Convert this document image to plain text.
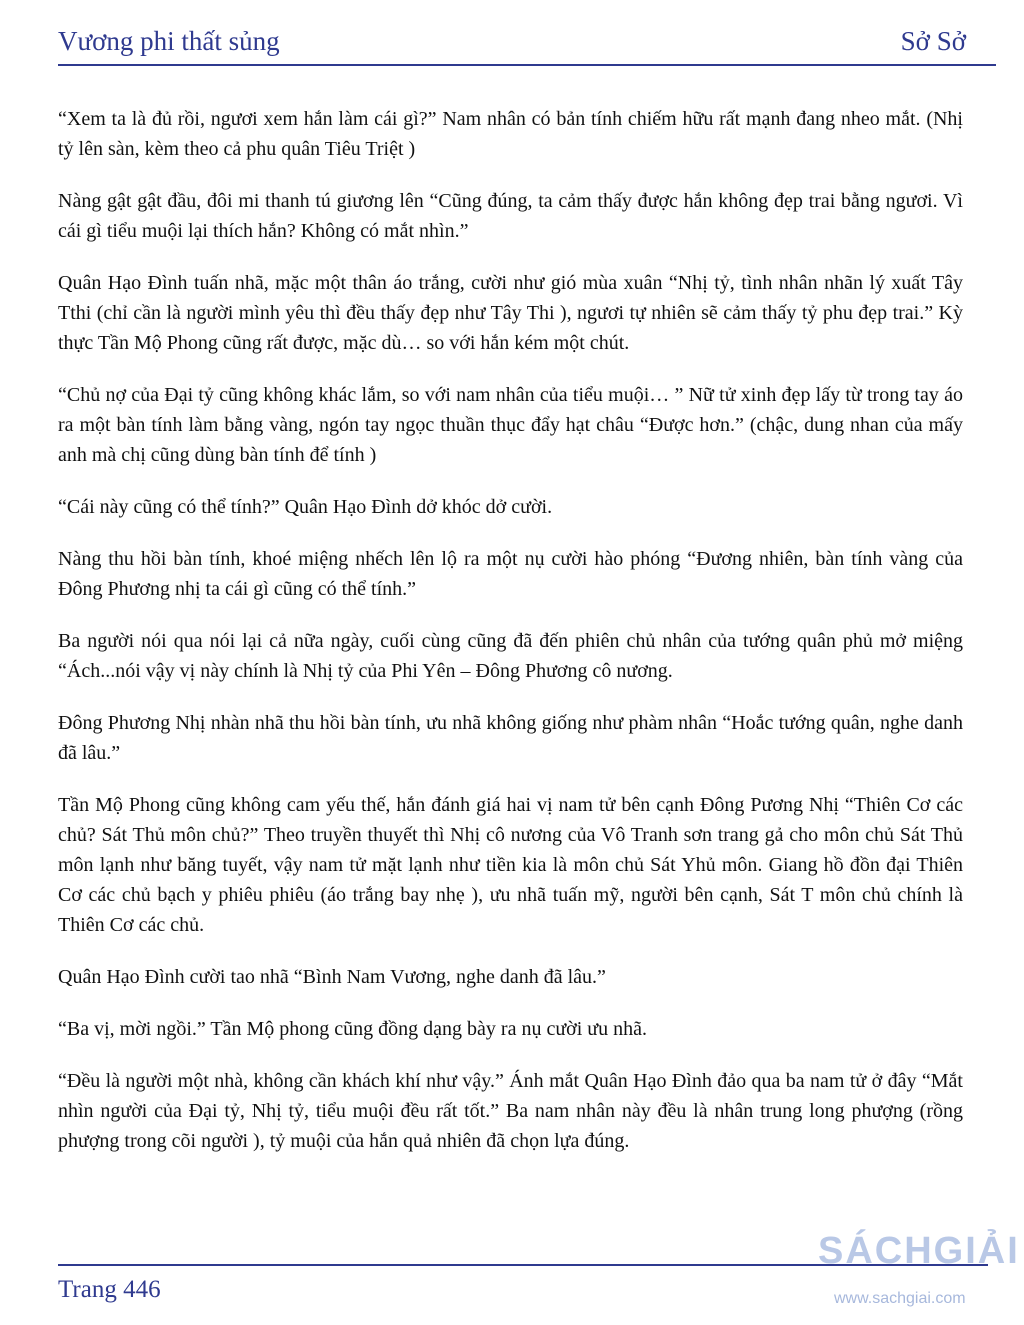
Vương phi thất sủng	Sở Sở

“Xem ta là đủ rồi, ngươi xem hắn làm cái gì?” Nam nhân có bản tính chiếm hữu rất mạnh đang nheo mắt. (Nhị tỷ lên sàn, kèm theo cả phu quân Tiêu Triệt )

Nàng gật gật đầu, đôi mi thanh tú giương lên “Cũng đúng, ta cảm thấy được hắn không đẹp trai bằng ngươi. Vì cái gì tiểu muội lại thích hắn? Không có mắt nhìn.”

Quân Hạo Đình tuấn nhã, mặc một thân áo trắng, cười như gió mùa xuân “Nhị tỷ, tình nhân nhãn lý xuất Tây Tthi (chỉ cần là người mình yêu thì đều thấy đẹp như Tây Thi ), ngươi tự nhiên sẽ cảm thấy tỷ phu đẹp trai.” Kỳ thực Tần Mộ Phong cũng rất được, mặc dù… so với hắn kém một chút.

“Chủ nợ của Đại tỷ cũng không khác lắm, so với nam nhân của tiểu muội… ” Nữ tử xinh đẹp lấy từ trong tay áo ra một bàn tính làm bằng vàng, ngón tay ngọc thuần thục đẩy hạt châu “Được hơn.” (chậc, dung nhan của mấy anh mà chị cũng dùng bàn tính để tính )

“Cái này cũng có thể tính?” Quân Hạo Đình dở khóc dở cười.

Nàng thu hồi bàn tính, khoé miệng nhếch lên lộ ra một nụ cười hào phóng “Đương nhiên, bàn tính vàng của Đông Phương nhị ta cái gì cũng có thể tính.”

Ba người nói qua nói lại cả nữa ngày, cuối cùng cũng đã đến phiên chủ nhân của tướng quân phủ mở miệng “Ách...nói vậy vị này chính là Nhị tỷ của Phi Yên – Đông Phương cô nương.

Đông Phương Nhị nhàn nhã thu hồi bàn tính, ưu nhã không giống như phàm nhân “Hoắc tướng quân, nghe danh đã lâu.”

Tần Mộ Phong cũng không cam yếu thế, hắn đánh giá hai vị nam tử bên cạnh Đông Pương Nhị “Thiên Cơ các chủ? Sát Thủ môn chủ?” Theo truyền thuyết thì Nhị cô nương của Vô Tranh sơn trang gả cho môn chủ Sát Thủ môn lạnh như băng tuyết, vậy nam tử mặt lạnh như tiền kia là môn chủ Sát Yhủ môn. Giang hồ đồn đại Thiên Cơ các chủ bạch y phiêu phiêu (áo trắng bay nhẹ ), ưu nhã tuấn mỹ, người bên cạnh, Sát T môn chủ chính là Thiên Cơ các chủ.

Quân Hạo Đình cười tao nhã “Bình Nam Vương, nghe danh đã lâu.”

“Ba vị, mời ngồi.” Tần Mộ phong cũng đồng dạng bày ra nụ cười ưu nhã.

“Đều là người một nhà, không cần khách khí như vậy.” Ánh mắt Quân Hạo Đình đảo qua ba nam tử ở đây “Mắt nhìn người của Đại tỷ, Nhị tỷ, tiểu muội đều rất tốt.” Ba nam nhân này đều là nhân trung long phượng (rồng phượng trong cõi người ), tỷ muội của hắn quả nhiên đã chọn lựa đúng.

Trang 446
SÁCHGIẢI
www.sachgiai.com
